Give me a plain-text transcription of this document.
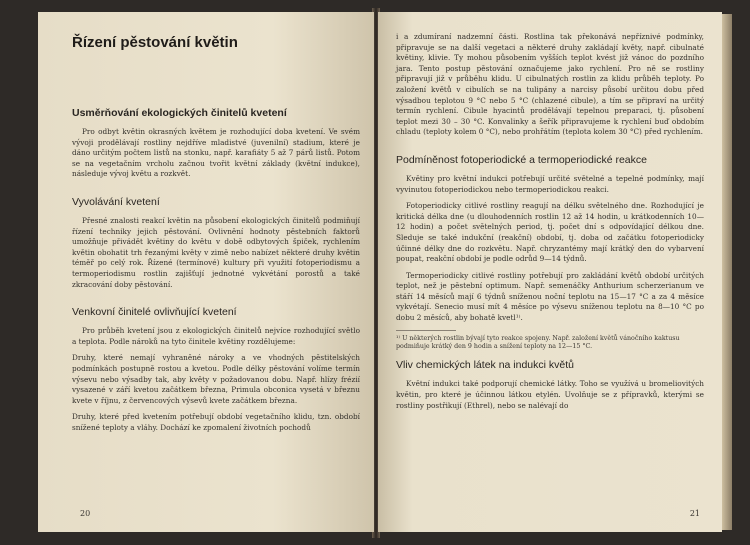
Řízení pěstování květin
Usměrňování ekologických činitelů kvetení

Pro odbyt květin okrasných květem je rozhodující doba kvetení. Ve svém vývoji prodělávají rostliny nejdříve mladistvé (juvenilní) stadium, které je dáno určitým počtem listů na stonku, např. karafiáty 5 až 7 párů listů. Potom se na vegetačním vrcholu začnou tvořit květní základy (květní indukce), následuje vývoj květu a rozkvět.

Vyvolávání kvetení

Přesné znalosti reakcí květin na působení ekologických činitelů podmiňují řízení techniky jejich pěstování. Ovlivnění hodnoty pěstebních faktorů umožňuje přivádět květiny do květu v době odbytových špiček, rychlením květin obohatit trh řezanými květy v zimě nebo nabízet některé druhy květin téměř po celý rok. Řízené (termínové) kultury při využití fotoperiodismu a termoperiodismu rostlin zajišťují jednotné vykvétání porostů a také zkracování doby pěstování.

Venkovní činitelé ovlivňující kvetení

Pro průběh kvetení jsou z ekologických činitelů nejvíce rozhodující světlo a teplota. Podle nároků na tyto činitele květiny rozdělujeme:

Druhy, které nemají vyhraněné nároky a ve vhodných pěstitelských podmínkách postupně rostou a kvetou. Podle délky pěstování volíme termín výsevu nebo výsadby tak, aby květy v požadovanou dobu. Např. hlízy frézií vysazené v září kvetou začátkem března, Primula obconica vysetá v březnu kvete v říjnu, z červencových výsevů kvete začátkem března.

Druhy, které před kvetením potřebují období vegetačního klidu, tzn. období snížené teploty a vláhy. Dochází ke zpomalení životních pochodů

20

i a zdumíraní nadzemní části. Rostlina tak překonává nepříznivé podmínky, připravuje se na další vegetaci a některé druhy zakládají květy, např. cibulnaté květiny, klivie. Ty mohou působením vyšších teplot kvést již vánoc do pozdního jara. Tento postup pěstování označujeme jako rychlení. Pro ně se rostliny připravují již v průběhu klidu. U cibulnatých rostlin za klidu průběh teploty. Po založení květů v cibulích se na tulipány a narcisy působí určitou dobu před výsadbou teplotou 9 °C nebo 5 °C (chlazené cibule), a tím se připraví na určitý termín rychlení. Cibule hyacintů prodělávají tepelnou preparaci, tj. působení teplot mezi 30 – 30 °C. Konvalinky a šeřík připravujeme k rychlení buď obdobím chladu (teploty kolem 0 °C), nebo prohřátím (teplota kolem 30 °C) před rychlením.

Podmíněnost fotoperiodické a termoperiodické reakce

Květiny pro květní indukci potřebují určité světelné a tepelné podmínky, mají vyvinutou fotoperiodickou nebo termoperiodickou reakci.

Fotoperiodicky citlivé rostliny reagují na délku světelného dne. Rozhodující je kritická délka dne (u dlouhodenních rostlin 12 až 14 hodin, u krátkodenních 10—12 hodin) a počet světelných period, tj. počet dní s odpovídající délkou dne. Sleduje se také indukční (reakční) období, tj. doba od začátku fotoperiodicky účinné délky dne do rozkvětu. Např. chryzantémy mají krátký den do vybarvení poupat, reakční období je podle odrůd 9—14 týdnů.

Termoperiodicky citlivé rostliny potřebují pro zakládání květů období určitých teplot, než je pěstební optimum. Např. semenáčky Anthurium scherzerianum ve stáří 14 měsíců mají 6 týdnů sníženou noční teplotu na 15—17 °C a za 4 měsíce vykvétají. Senecio musí mít 4 měsíce po výsevu sníženou teplotu na 8—10 °C po dobu 2 měsíců, aby bohatě kvetl¹⁾.

¹⁾ U některých rostlin bývají tyto reakce spojeny. Např. založení květů vánočního kaktusu podmiňuje krátký den 9 hodin a snížení teploty na 12—15 °C.

Vliv chemických látek na indukci květů

Květní indukci také podporují chemické látky. Toho se využívá u bromeliovitých květin, pro které je účinnou látkou etylén. Uvolňuje se z přípravků, kterými se rostliny postřikují (Ethrel), nebo se nalévají do

21
